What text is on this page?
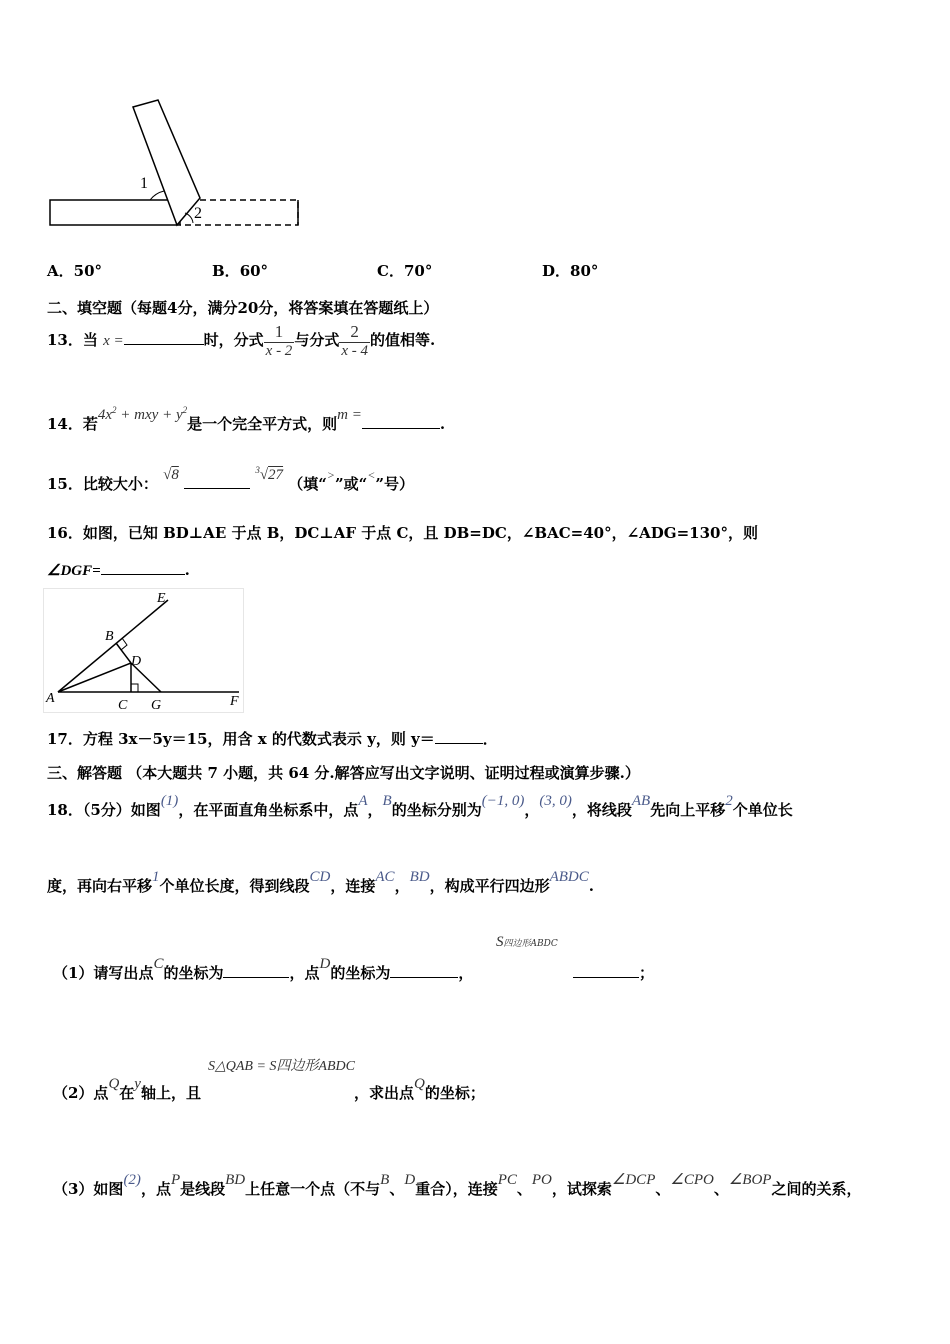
1
2
A．50°	B．60°	C．70°	D．80°
二、填空题（每题4分，满分20分，将答案填在答题纸上）
13．当 x =	时，分式 $\frac{1}{x - 2}$ 与分式 $\frac{2}{x - 4}$ 的值相等.
14．若$4x^2$ + mxy + $y^2$是一个完全平方式，则m =	.
15．比较大小： √8	$^3$√27 （填“>”或“<”号）
16．如图，已知 BD⊥AE 于点 B，DC⊥AF 于点 C，且 DB=DC，∠BAC=40°，∠ADG=130°，则
∠DGF=	.
A
B
C
D
E
F
G
17．方程 3x－5y＝15，用含 x 的代数式表示 y，则 y＝	．
三、解答题 （本大题共 7 小题，共 64 分.解答应写出文字说明、证明过程或演算步骤.）
18．（5分）如图(1)，在平面直角坐标系中，点A，B的坐标分别为(−1, 0)，(3, 0)，将线段AB先向上平移2个单位长
度，再向右平移1个单位长度，得到线段CD，连接AC，BD，构成平行四边形ABDC.
（1）请写出点C的坐标为	，点D的坐标为	，
S四边形ABDC
；
S△QAB = S四边形ABDC
（2）点Q在y轴上，且	，求出点Q的坐标；
（3）如图(2)，点P是线段BD上任意一个点（不与B、D重合），连接PC、PO，试探索∠DCP、∠CPO、∠BOP之间的关系，
